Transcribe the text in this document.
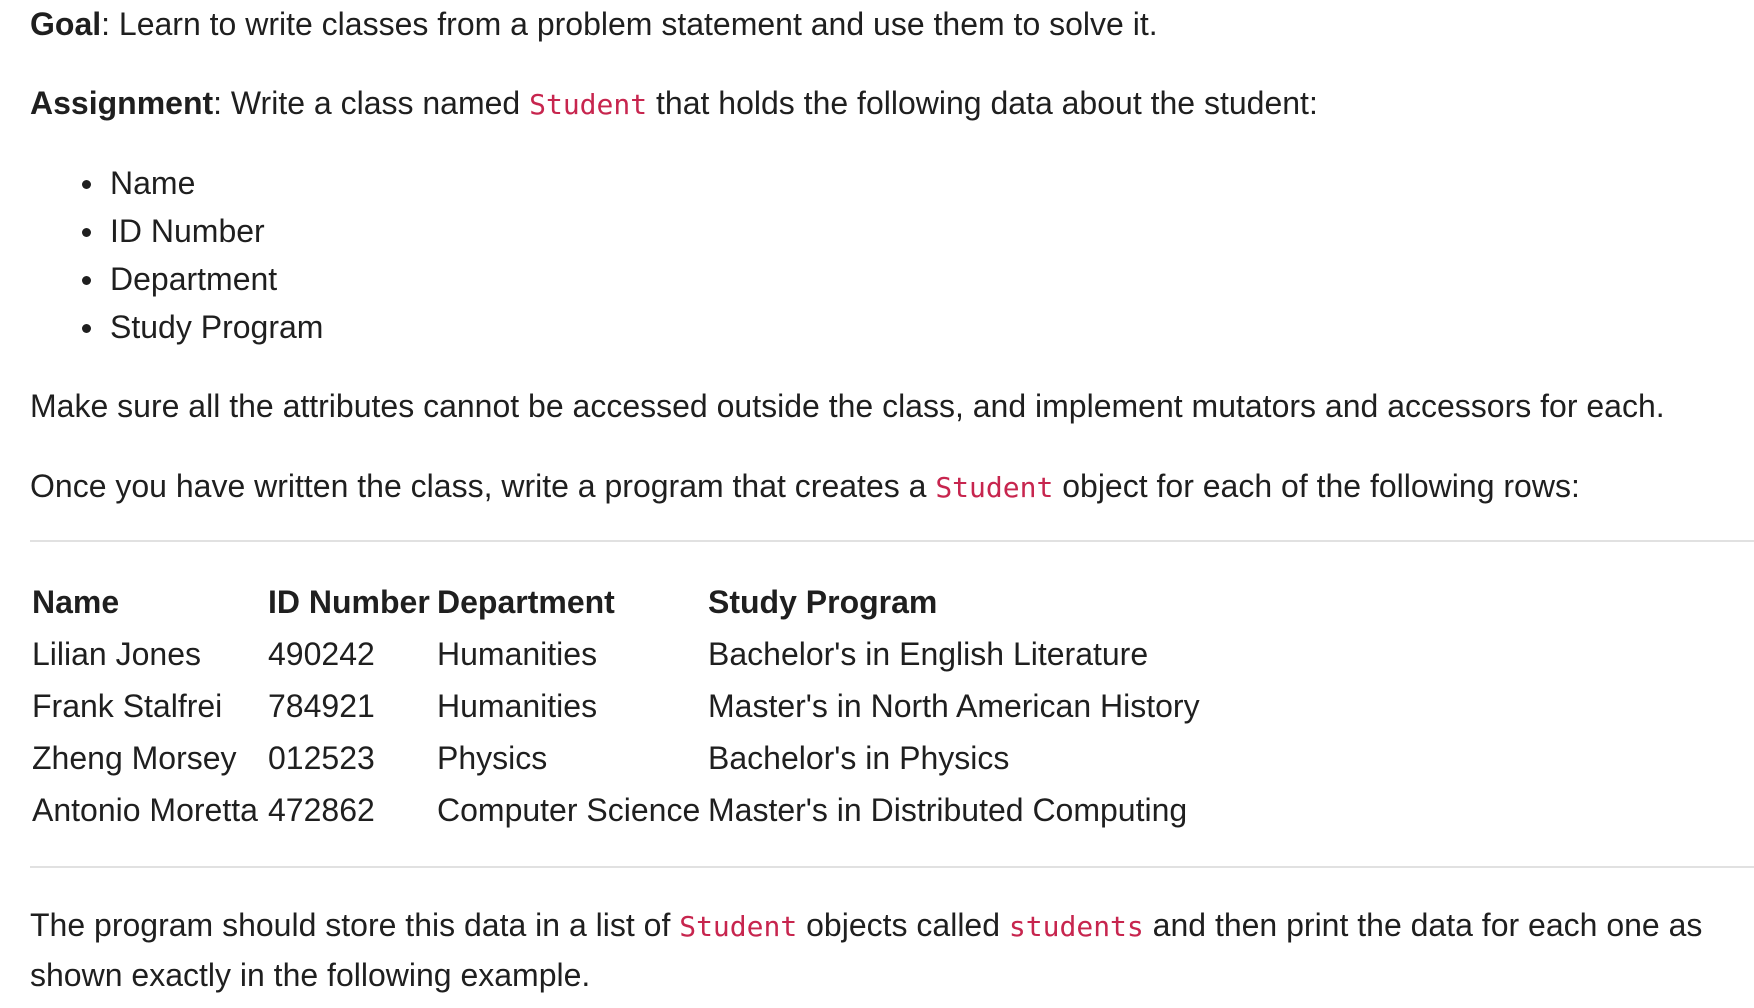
Goal: Learn to write classes from a problem statement and use them to solve it.

Assignment: Write a class named Student that holds the following data about the student:

Name
ID Number
Department
Study Program

Make sure all the attributes cannot be accessed outside the class, and implement mutators and accessors for each.

Once you have written the class, write a program that creates a Student object for each of the following rows:

Name	ID Number	Department	Study Program
Lilian Jones	490242	Humanities	Bachelor's in English Literature
Frank Stalfrei	784921	Humanities	Master's in North American History
Zheng Morsey	012523	Physics	Bachelor's in Physics
Antonio Moretta	472862	Computer Science	Master's in Distributed Computing

The program should store this data in a list of Student objects called students and then print the data for each one as shown exactly in the following example.
